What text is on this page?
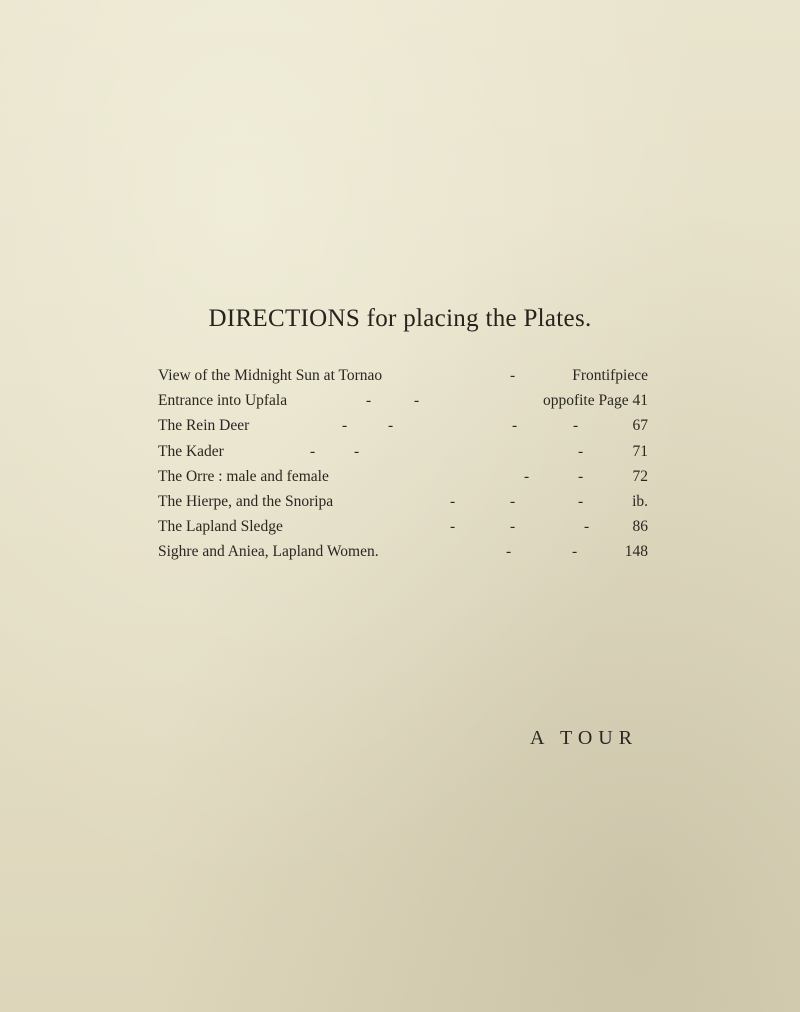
DIRECTIONS for placing the Plates.
View of the Midnight Sun at Tornao	-	Frontifpiece
Entrance into Upfala	-	-	oppofite Page 41
The Rein Deer	-	-	-	-	67
The Kader	-	-	-	71
The Orre : male and female	-	-	72
The Hierpe, and the Snoripa	-	-	-	ib.
The Lapland Sledge	-	-	-	86
Sighre and Aniea, Lapland Women.	-	-	148
A TOUR
